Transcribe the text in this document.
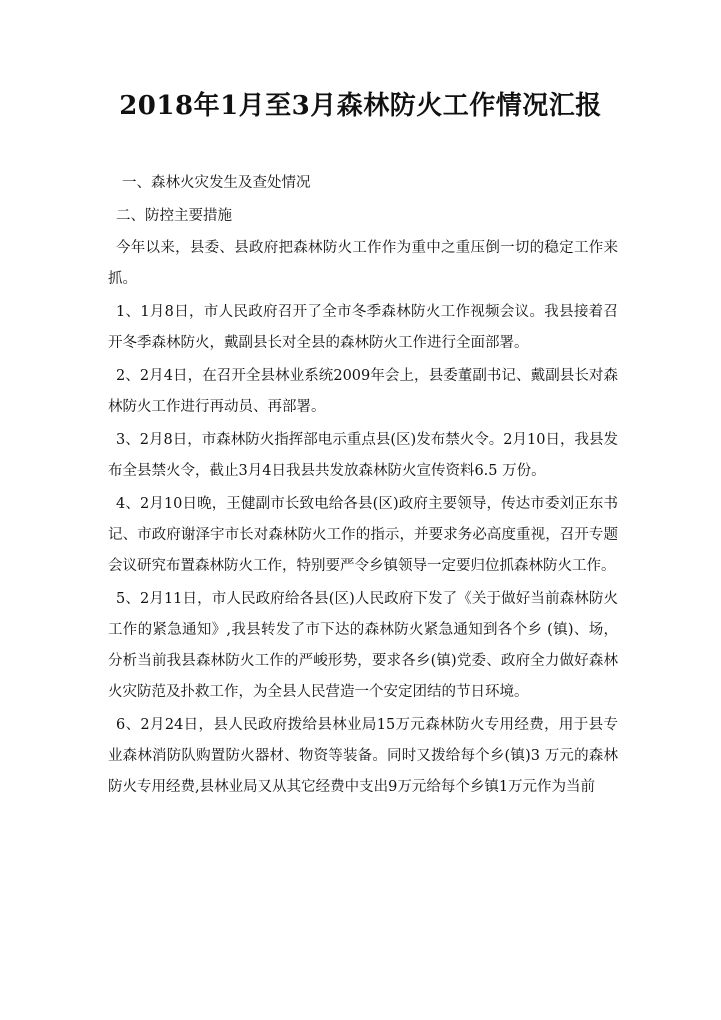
2018年1月至3月森林防火工作情况汇报

一、森林火灾发生及查处情况

二、防控主要措施

今年以来，县委、县政府把森林防火工作作为重中之重压倒一切的稳定工作来抓。

1、1月8日，市人民政府召开了全市冬季森林防火工作视频会议。我县接着召开冬季森林防火，戴副县长对全县的森林防火工作进行全面部署。

2、2月4日，在召开全县林业系统2009年会上，县委董副书记、戴副县长对森林防火工作进行再动员、再部署。

3、2月8日，市森林防火指挥部电示重点县(区)发布禁火令。2月10日，我县发布全县禁火令，截止3月4日我县共发放森林防火宣传资料6.5 万份。

4、2月10日晚，王健副市长致电给各县(区)政府主要领导，传达市委刘正东书记、市政府谢泽宇市长对森林防火工作的指示，并要求务必高度重视，召开专题会议研究布置森林防火工作，特别要严令乡镇领导一定要归位抓森林防火工作。

5、2月11日，市人民政府给各县(区)人民政府下发了《关于做好当前森林防火工作的紧急通知》,我县转发了市下达的森林防火紧急通知到各个乡 (镇)、场，分析当前我县森林防火工作的严峻形势，要求各乡(镇)党委、政府全力做好森林火灾防范及扑救工作，为全县人民营造一个安定团结的节日环境。

6、2月24日，县人民政府拨给县林业局15万元森林防火专用经费，用于县专业森林消防队购置防火器材、物资等装备。同时又拨给每个乡(镇)3 万元的森林防火专用经费,县林业局又从其它经费中支出9万元给每个乡镇1万元作为当前
